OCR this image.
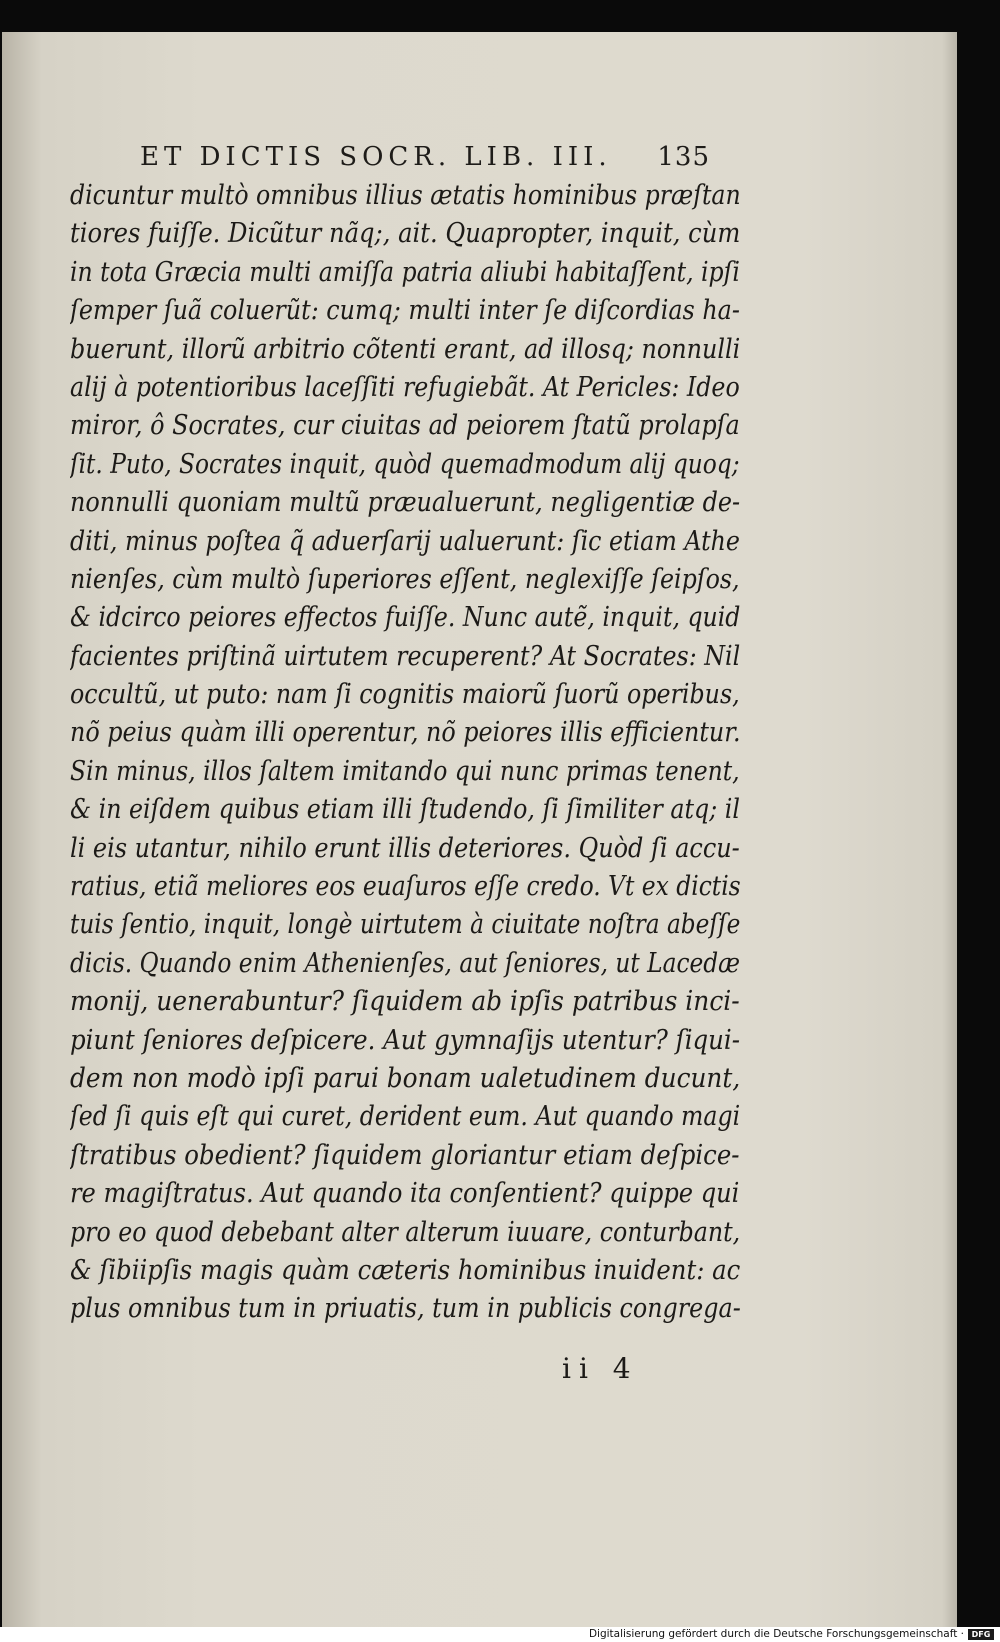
ET DICTIS SOCR. LIB. III. 135
dicuntur multò omnibus illius ætatis hominibus præſtan
tiores fuiſſe. Dicũtur nãq;, ait. Quapropter, inquit, cùm
in tota Græcia multi amiſſa patria aliubi habitaſſent, ipſi
ſemper ſuã coluerũt: cumq; multi inter ſe diſcordias ha-
buerunt, illorũ arbitrio cõtenti erant, ad illosq; nonnulli
alij à potentioribus laceſſiti refugiebãt. At Pericles: Ideo
miror, ô Socrates, cur ciuitas ad peiorem ſtatũ prolapſa
ſit. Puto, Socrates inquit, quòd quemadmodum alij quoq;
nonnulli quoniam multũ præualuerunt, negligentiæ de-
diti, minus poſtea q̃ aduerſarij ualuerunt: ſic etiam Athe
nienſes, cùm multò ſuperiores eſſent, neglexiſſe ſeipſos,
& idcirco peiores effectos fuiſſe. Nunc autẽ, inquit, quid
facientes priſtinã uirtutem recuperent? At Socrates: Nil
occultũ, ut puto: nam ſi cognitis maiorũ ſuorũ operibus,
nõ peius quàm illi operentur, nõ peiores illis efficientur.
Sin minus, illos ſaltem imitando qui nunc primas tenent,
& in eiſdem quibus etiam illi ſtudendo, ſi ſimiliter atq; il
li eis utantur, nihilo erunt illis deteriores. Quòd ſi accu-
ratius, etiã meliores eos euaſuros eſſe credo. Vt ex dictis
tuis ſentio, inquit, longè uirtutem à ciuitate noſtra abeſſe
dicis. Quando enim Athenienſes, aut ſeniores, ut Lacedæ
monij, uenerabuntur? ſiquidem ab ipſis patribus inci-
piunt ſeniores deſpicere. Aut gymnaſijs utentur? ſiqui-
dem non modò ipſi parui bonam ualetudinem ducunt,
ſed ſi quis eſt qui curet, derident eum. Aut quando magi
ſtratibus obedient? ſiquidem gloriantur etiam deſpice-
re magiſtratus. Aut quando ita conſentient? quippe qui
pro eo quod debebant alter alterum iuuare, conturbant,
& ſibiipſis magis quàm cæteris hominibus inuident: ac
plus omnibus tum in priuatis, tum in publicis congrega-
ii 4
Digitalisierung gefördert durch die Deutsche Forschungsgemeinschaft · DFG
